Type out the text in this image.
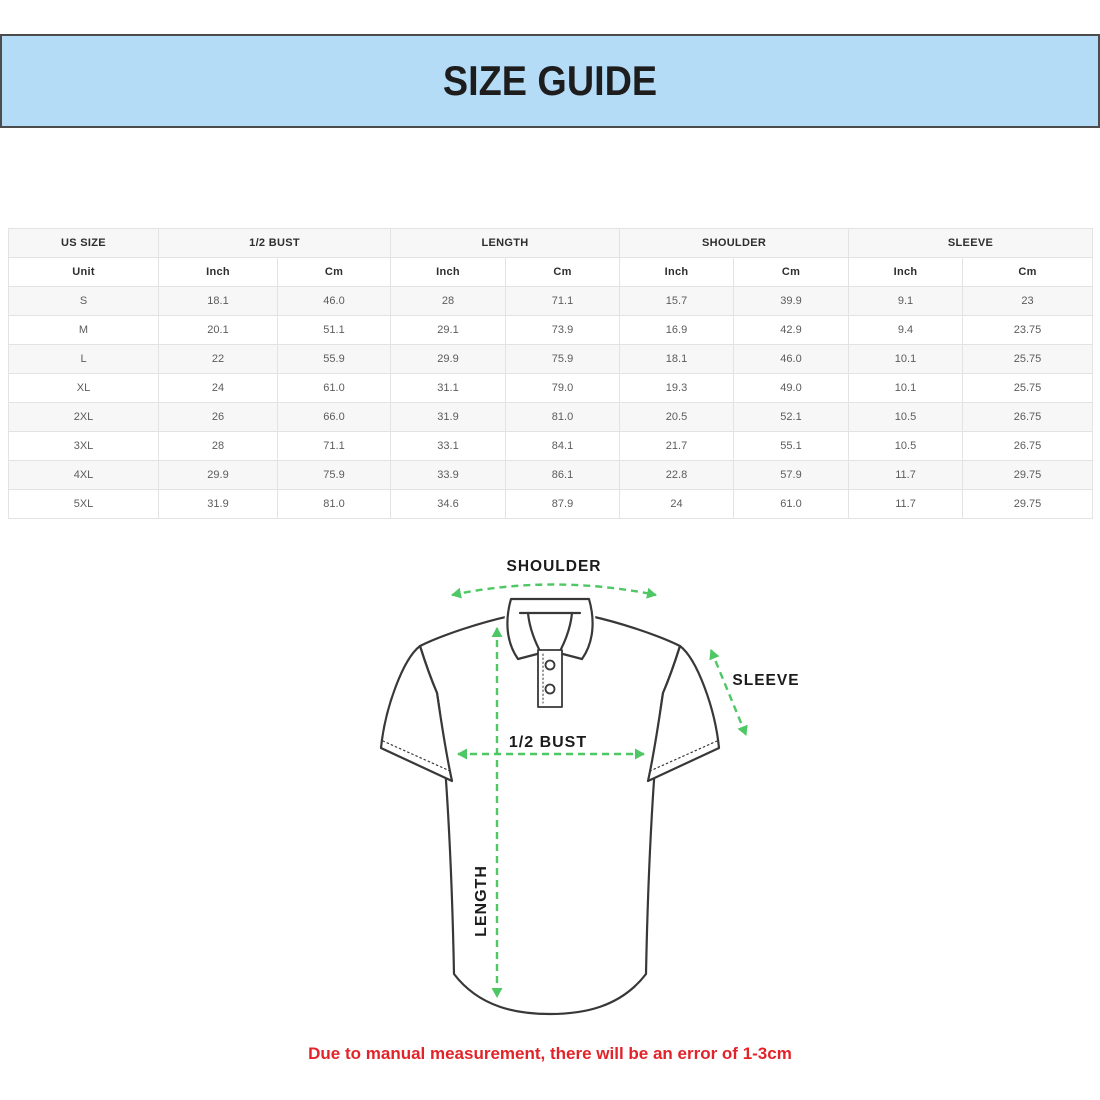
SIZE GUIDE
US SIZE	1/2 BUST		LENGTH		SHOULDER		SLEEVE	
Unit	Inch	Cm	Inch	Cm	Inch	Cm	Inch	Cm
S	18.1	46.0	28	71.1	15.7	39.9	9.1	23
M	20.1	51.1	29.1	73.9	16.9	42.9	9.4	23.75
L	22	55.9	29.9	75.9	18.1	46.0	10.1	25.75
XL	24	61.0	31.1	79.0	19.3	49.0	10.1	25.75
2XL	26	66.0	31.9	81.0	20.5	52.1	10.5	26.75
3XL	28	71.1	33.1	84.1	21.7	55.1	10.5	26.75
4XL	29.9	75.9	33.9	86.1	22.8	57.9	11.7	29.75
5XL	31.9	81.0	34.6	87.9	24	61.0	11.7	29.75
SHOULDER
SLEEVE
1/2 BUST
LENGTH

Due to manual measurement, there will be an error of 1-3cm
